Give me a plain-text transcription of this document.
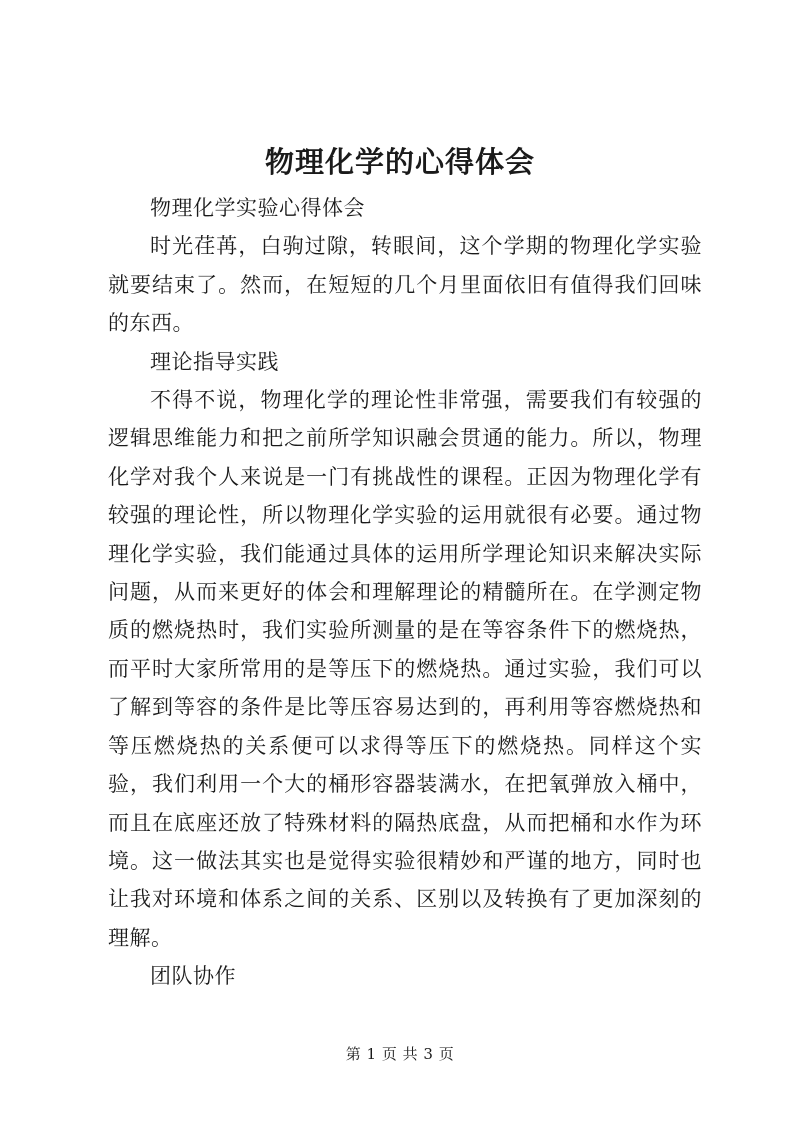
物理化学的心得体会

物理化学实验心得体会

时光荏苒，白驹过隙，转眼间，这个学期的物理化学实验就要结束了。然而，在短短的几个月里面依旧有值得我们回味的东西。

理论指导实践

不得不说，物理化学的理论性非常强，需要我们有较强的逻辑思维能力和把之前所学知识融会贯通的能力。所以，物理化学对我个人来说是一门有挑战性的课程。正因为物理化学有较强的理论性，所以物理化学实验的运用就很有必要。通过物理化学实验，我们能通过具体的运用所学理论知识来解决实际问题，从而来更好的体会和理解理论的精髓所在。在学测定物质的燃烧热时，我们实验所测量的是在等容条件下的燃烧热，而平时大家所常用的是等压下的燃烧热。通过实验，我们可以了解到等容的条件是比等压容易达到的，再利用等容燃烧热和等压燃烧热的关系便可以求得等压下的燃烧热。同样这个实验，我们利用一个大的桶形容器装满水，在把氧弹放入桶中，而且在底座还放了特殊材料的隔热底盘，从而把桶和水作为环境。这一做法其实也是觉得实验很精妙和严谨的地方，同时也让我对环境和体系之间的关系、区别以及转换有了更加深刻的理解。

团队协作

第 1 页 共 3 页
